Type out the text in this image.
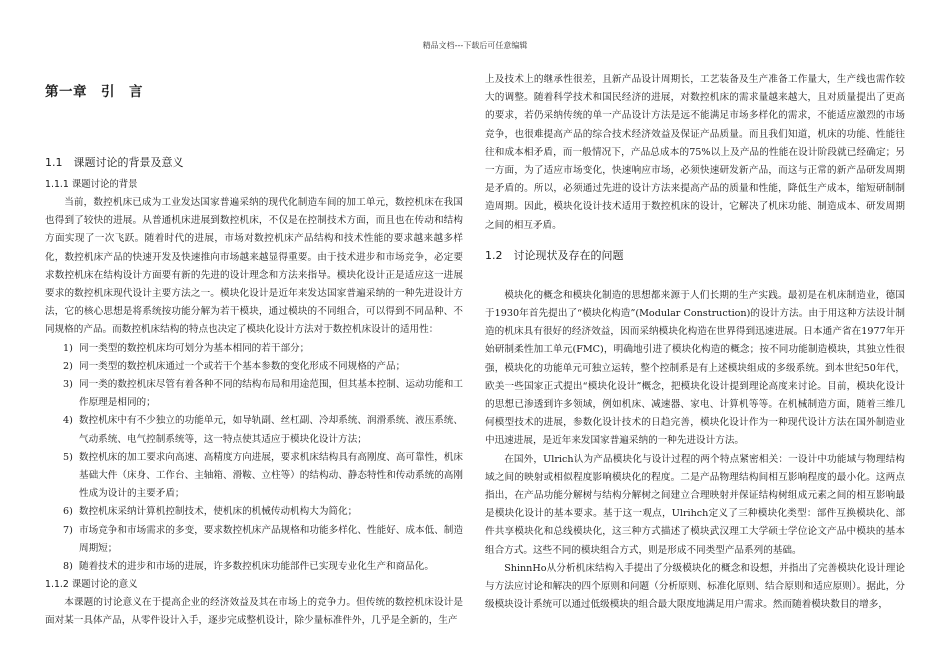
精品文档---下载后可任意编辑
第一章　引　言
1.1　课题讨论的背景及意义
1.1.1 课题讨论的背景

当前，数控机床已成为工业发达国家普遍采纳的现代化制造车间的加工单元，数控机床在我国也得到了较快的进展。从普通机床进展到数控机床，不仅是在控制技术方面，而且也在传动和结构方面实现了一次飞跃。随着时代的进展，市场对数控机床产品结构和技术性能的要求越来越多样化，数控机床产品的快速开发及快速推向市场越来越显得重要。由于技术进步和市场竞争，必定要求数控机床在结构设计方面要有新的先进的设计理念和方法来指导。模块化设计正是适应这一进展要求的数控机床现代设计主要方法之一。模块化设计是近年来发达国家普遍采纳的一种先进设计方法，它的核心思想是将系统按功能分解为若干模块，通过模块的不同组合，可以得到不同品种、不同规格的产品。而数控机床结构的特点也决定了模块化设计方法对于数控机床设计的适用性：

1) 同一类型的数控机床均可划分为基本相同的若干部分；
2) 同一类型的数控机床通过一个或若干个基本参数的变化形成不同规格的产品；
3) 同一类的数控机床尽管有着各种不同的结构布局和用途范围，但其基本控制、运动功能和工作原理是相同的；
4) 数控机床中有不少独立的功能单元，如导轨副、丝杠副、冷却系统、润滑系统、液压系统、气动系统、电气控制系统等，这一特点使其适应于模块化设计方法；
5) 数控机床的加工要求向高速、高精度方向进展，要求机床结构具有高刚度、高可靠性，机床基础大件（床身、工作台、主轴箱、滑鞍、立柱等）的结构动、静态特性和传动系统的高刚性成为设计的主要矛盾；
6) 数控机床采纳计算机控制技术，使机床的机械传动机构大为简化；
7) 市场竞争和市场需求的多变，要求数控机床产品规格和功能多样化、性能好、成本低、制造周期短；
8) 随着技术的进步和市场的进展，许多数控机床功能部件已实现专业化生产和商品化。
1.1.2 课题讨论的意义

本课题的讨论意义在于提高企业的经济效益及其在市场上的竞争力。但传统的数控机床设计是面对某一具体产品，从零件设计入手，逐步完成整机设计，除少量标准件外，几乎是全新的，生产

上及技术上的继承性很差，且新产品设计周期长，工艺装备及生产准备工作量大，生产线也需作较大的调整。随着科学技术和国民经济的进展，对数控机床的需求量越来越大，且对质量提出了更高的要求，若仍采纳传统的单一产品设计方法是远不能满足市场多样化的需求，不能适应激烈的市场竞争，也很难提高产品的综合技术经济效益及保证产品质量。而且我们知道，机床的功能、性能往往和成本相矛盾，而一般情况下，产品总成本的75%以上及产品的性能在设计阶段就已经确定；另一方面，为了适应市场变化，快速响应市场，必须快速研发新产品，而这与正常的新产品研发周期是矛盾的。所以，必须通过先进的设计方法来提高产品的质量和性能，降低生产成本，缩短研制制造周期。因此，模块化设计技术适用于数控机床的设计，它解决了机床功能、制造成本、研发周期之间的相互矛盾。

1.2　讨论现状及存在的问题

模块化的概念和模块化制造的思想都来源于人们长期的生产实践。最初是在机床制造业，德国于1930年首先提出了“模块化构造”(Modular Construction)的设计方法。由于用这种方法设计制造的机床具有很好的经济效益，因而采纳模块化构造在世界得到迅速进展。日本通产省在1977年开始研制柔性加工单元(FMC)，明确地引进了模块化构造的概念；按不同功能制造模块，其独立性很强，模块化的功能单元可独立运转，整个控制系是有上述模块组成的多级系统。到本世纪50年代，欧美一些国家正式提出“模块化设计”概念，把模块化设计提到理论高度来讨论。目前，模块化设计的思想已渗透到许多领域，例如机床、减速器、家电、计算机等等。在机械制造方面，随着三维几何模型技术的进展，参数化设计技术的日趋完善，模块化设计作为一种现代设计方法在国外制造业中迅速进展，是近年来发国家普遍采纳的一种先进设计方法。

在国外，Ulrich认为产品模块化与设计过程的两个特点紧密相关：一设计中功能域与物理结构域之间的映射或相似程度影响模块化的程度。二是产品物理结构间相互影响程度的最小化。这两点指出，在产品功能分解树与结构分解树之间建立合理映射并保证结构树组成元素之间的相互影响最是模块化设计的基本要求。基于这一观点，Ulrihch定义了三种模块化类型：部件互换模块化、部件共享模块化和总线模块化，这三种方式描述了模块武汉理工大学硕士学位论文产品中模块的基本组合方式。这些不同的模块组合方式，则是形成不同类型产品系列的基础。

ShinnHo从分析机床结构入手提出了分级模块化的概念和设想，并指出了完善模块化设计理论与方法应讨论和解决的四个原则和问题（分析原则、标准化原则、结合原则和适应原则）。据此，分级模块设计系统可以通过低级模块的组合最大限度地满足用户需求。然而随着模块数目的增多，
